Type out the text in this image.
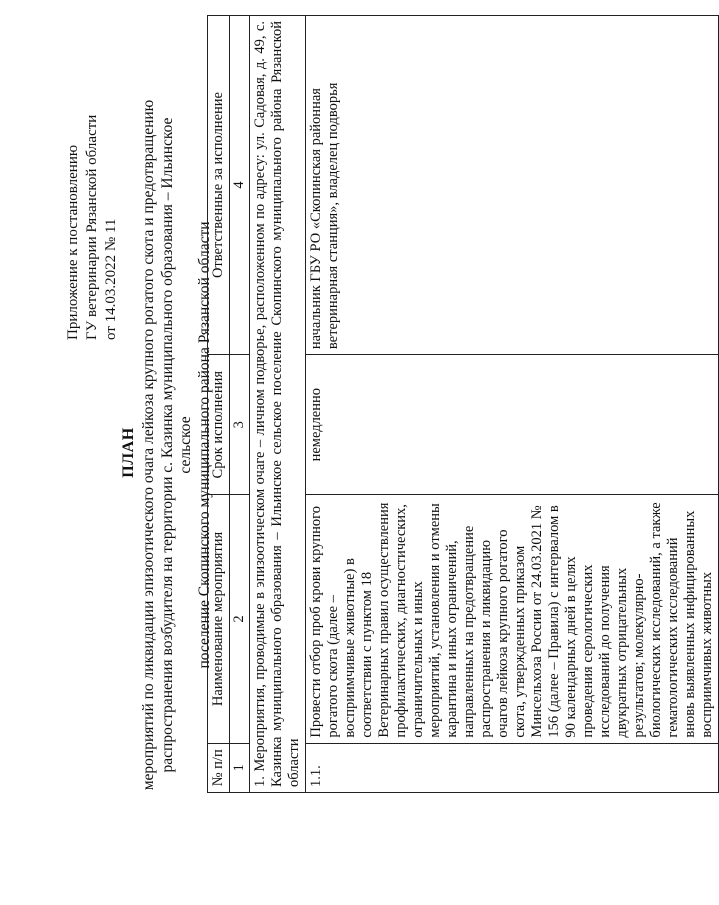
Приложение к постановлению ГУ ветеринарии Рязанской области от 14.03.2022 № 11
ПЛАН мероприятий по ликвидации эпизоотического очага лейкоза крупного рогатого скота и предотвращению распространения возбудителя на территории с. Казинка муниципального образования – Ильинское сельское поселение Скопинского муниципального района Рязанской области
№ п/п	Наименование мероприятия	Срок исполнения	Ответственные за исполнение
1	2	3	4
1. Мероприятия, проводимые в эпизоотическом очаге – личном подворье, расположенном по адресу: ул. Садовая, д. 49, с. Казинка муниципального образования – Ильинское сельское поселение Скопинского муниципального района Рязанской области			
1.1.	Провести отбор проб крови крупного рогатого скота (далее – восприимчивые животные) в соответствии с пунктом 18 Ветеринарных правил осуществления профилактических, диагностических, ограничительных и иных мероприятий, установления и отмены карантина и иных ограничений, направленных на предотвращение распространения и ликвидацию очагов лейкоза крупного рогатого скота, утвержденных приказом Минсельхоза России от 24.03.2021 № 156 (далее – Правила) с интервалом в 90 календарных дней в целях проведения серологических исследований до получения двукратных отрицательных результатов; молекулярно-биологических исследований, а также гематологических исследований вновь выявленных инфицированных восприимчивых животных	немедленно	начальник ГБУ РО «Скопинская районная ветеринарная станция», владелец подворья
